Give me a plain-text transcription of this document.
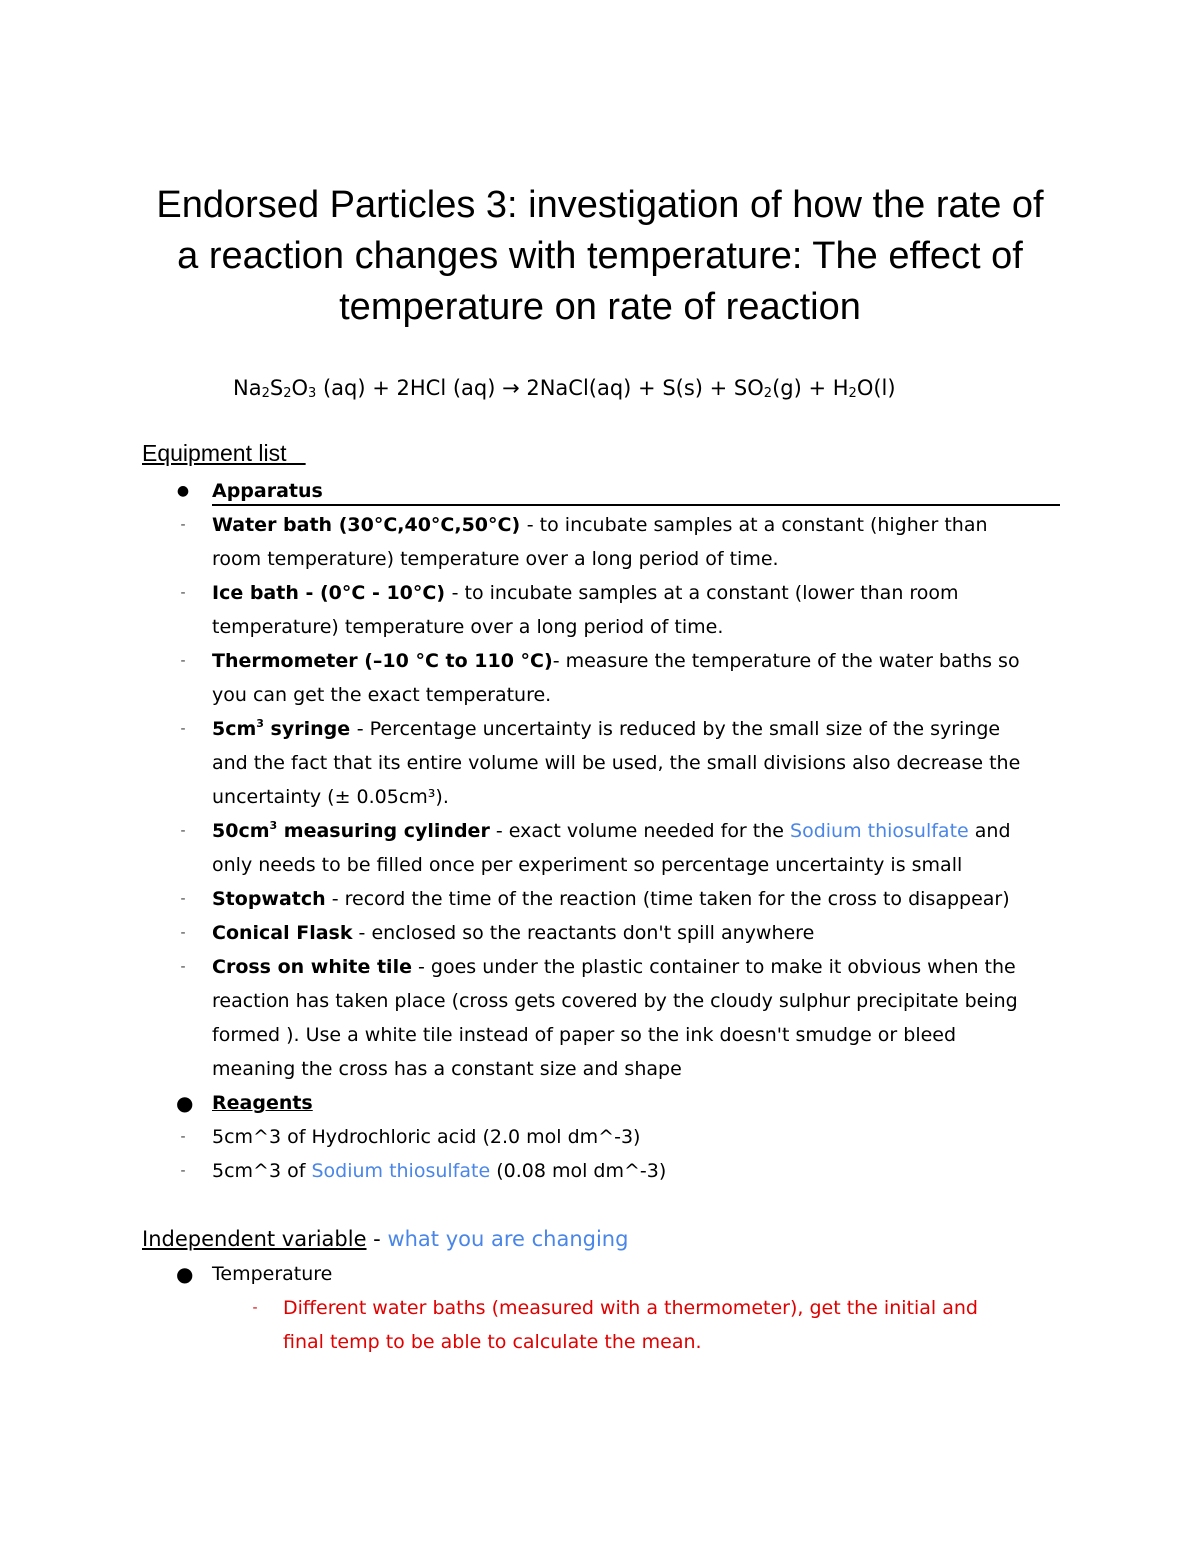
Endorsed Particles 3: investigation of how the rate of
a reaction changes with temperature: The effect of
temperature on rate of reaction
$Na_2S_2O_3$ (aq) + 2HCl (aq) → 2NaCl(aq) + $S(s) + SO_2(g) + H_2O(l)$
Equipment list
● Apparatus
- Water bath (30°C,40°C,50°C) - to incubate samples at a constant (higher than
room temperature) temperature over a long period of time.
- Ice bath - (0°C - 10°C) - to incubate samples at a constant (lower than room
temperature) temperature over a long period of time.
- Thermometer (–10 °C to 110 °C)- measure the temperature of the water baths so
you can get the exact temperature.
- $5cm^3$ syringe - Percentage uncertainty is reduced by the small size of the syringe
and the fact that its entire volume will be used, the small divisions also decrease the
uncertainty (± 0.05cm³).
- $50cm^3$ measuring cylinder - exact volume needed for the Sodium thiosulfate and
only needs to be filled once per experiment so percentage uncertainty is small
- Stopwatch - record the time of the reaction (time taken for the cross to disappear)
- Conical Flask - enclosed so the reactants don't spill anywhere
- Cross on white tile - goes under the plastic container to make it obvious when the
reaction has taken place (cross gets covered by the cloudy sulphur precipitate being
formed ). Use a white tile instead of paper so the ink doesn't smudge or bleed
meaning the cross has a constant size and shape
● Reagents
- 5cm^3 of Hydrochloric acid (2.0 mol dm^-3)
- 5cm^3 of Sodium thiosulfate (0.08 mol dm^-3)
Independent variable - what you are changing
● Temperature
- Different water baths (measured with a thermometer), get the initial and
final temp to be able to calculate the mean.
